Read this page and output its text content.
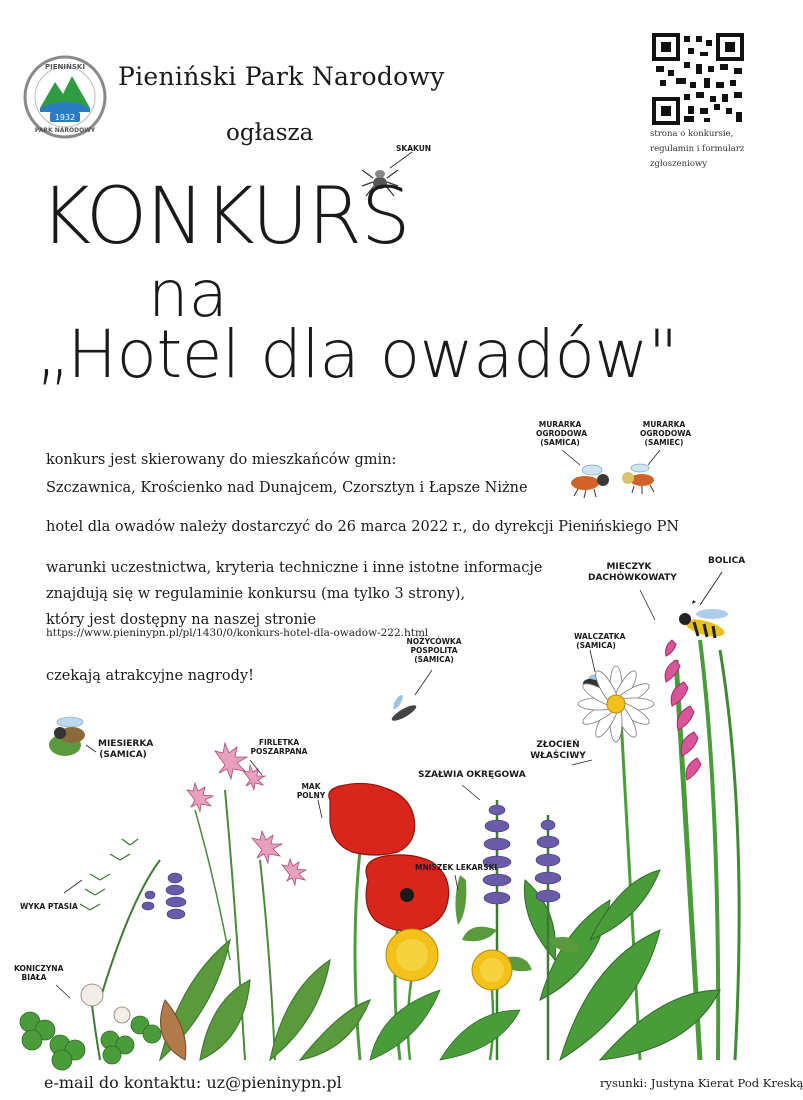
1932
PIENIŃSKI
PARK NARODOWY
Pieniński Park Narodowy
ogłasza	strona o konkursie, regulamin i formularz zgłoszeniowy
KONKURS
na
„Hotel dla owadów"
konkurs jest skierowany do mieszkańców gmin:
Szczawnica, Krościenko nad Dunajcem, Czorsztyn i Łapsze Niżne
hotel dla owadów należy dostarczyć do 26 marca 2022 r., do dyrekcji Pienińskiego PN
warunki uczestnictwa, kryteria techniczne i inne istotne informacje
znajdują się w regulaminie konkursu (ma tylko 3 strony),
który jest dostępny na naszej stronie
https://www.pieninypn.pl/pl/1430/0/konkurs-hotel-dla-owadow-222.html
czekają atrakcyjne nagrody!
SKAKUN
MURARKA OGRODOWA (SAMICA)
MURARKA OGRODOWA (SAMIEC)
MIECZYK DACHÓWKOWATY
BOLICA
WALCZATKA (SAMICA)
NOŻYCÓWKA POSPOLITA (SAMICA)
MIESIERKA (SAMICA)
FIRLETKA POSZARPANA
MAK POLNY
SZAŁWIA OKRĘGOWA
ZŁOCIEŃ WŁAŚCIWY
MNISZEK LEKARSKI
WYKA PTASIA
KONICZYNA BIAŁA
e-mail do kontaktu: uz@pieninypn.pl	rysunki: Justyna Kierat Pod Kreską
